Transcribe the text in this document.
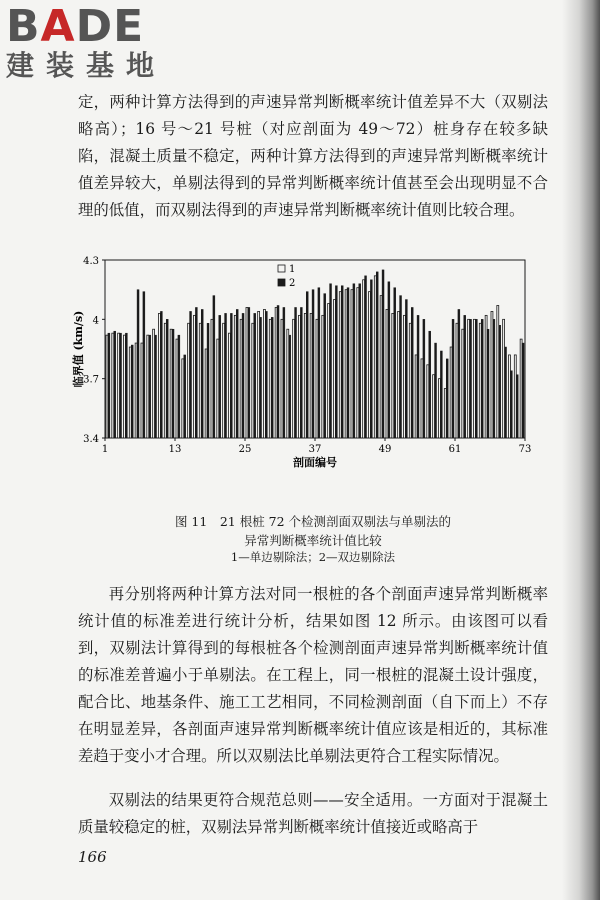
BADE
建装基地
定，两种计算方法得到的声速异常判断概率统计值差异不大（双剔法略高）；16 号～21 号桩（对应剖面为 49～72）桩身存在较多缺陷，混凝土质量不稳定，两种计算方法得到的声速异常判断概率统计值差异较大，单剔法得到的异常判断概率统计值甚至会出现明显不合理的低值，而双剔法得到的声速异常判断概率统计值则比较合理。
3.4
3.7
4
4.3
1	13	25	37	49	61	73
1
2
剖面编号
临界值 (km/s)
图 11　21 根桩 72 个检测剖面双剔法与单剔法的
异常判断概率统计值比较
1—单边剔除法；2—双边剔除法
再分别将两种计算方法对同一根桩的各个剖面声速异常判断概率统计值的标准差进行统计分析，结果如图 12 所示。由该图可以看到，双剔法计算得到的每根桩各个检测剖面声速异常判断概率统计值的标准差普遍小于单剔法。在工程上，同一根桩的混凝土设计强度，配合比、地基条件、施工工艺相同，不同检测剖面（自下而上）不存在明显差异，各剖面声速异常判断概率统计值应该是相近的，其标准差趋于变小才合理。所以双剔法比单剔法更符合工程实际情况。
双剔法的结果更符合规范总则——安全适用。一方面对于混凝土质量较稳定的桩，双剔法异常判断概率统计值接近或略高于
166
